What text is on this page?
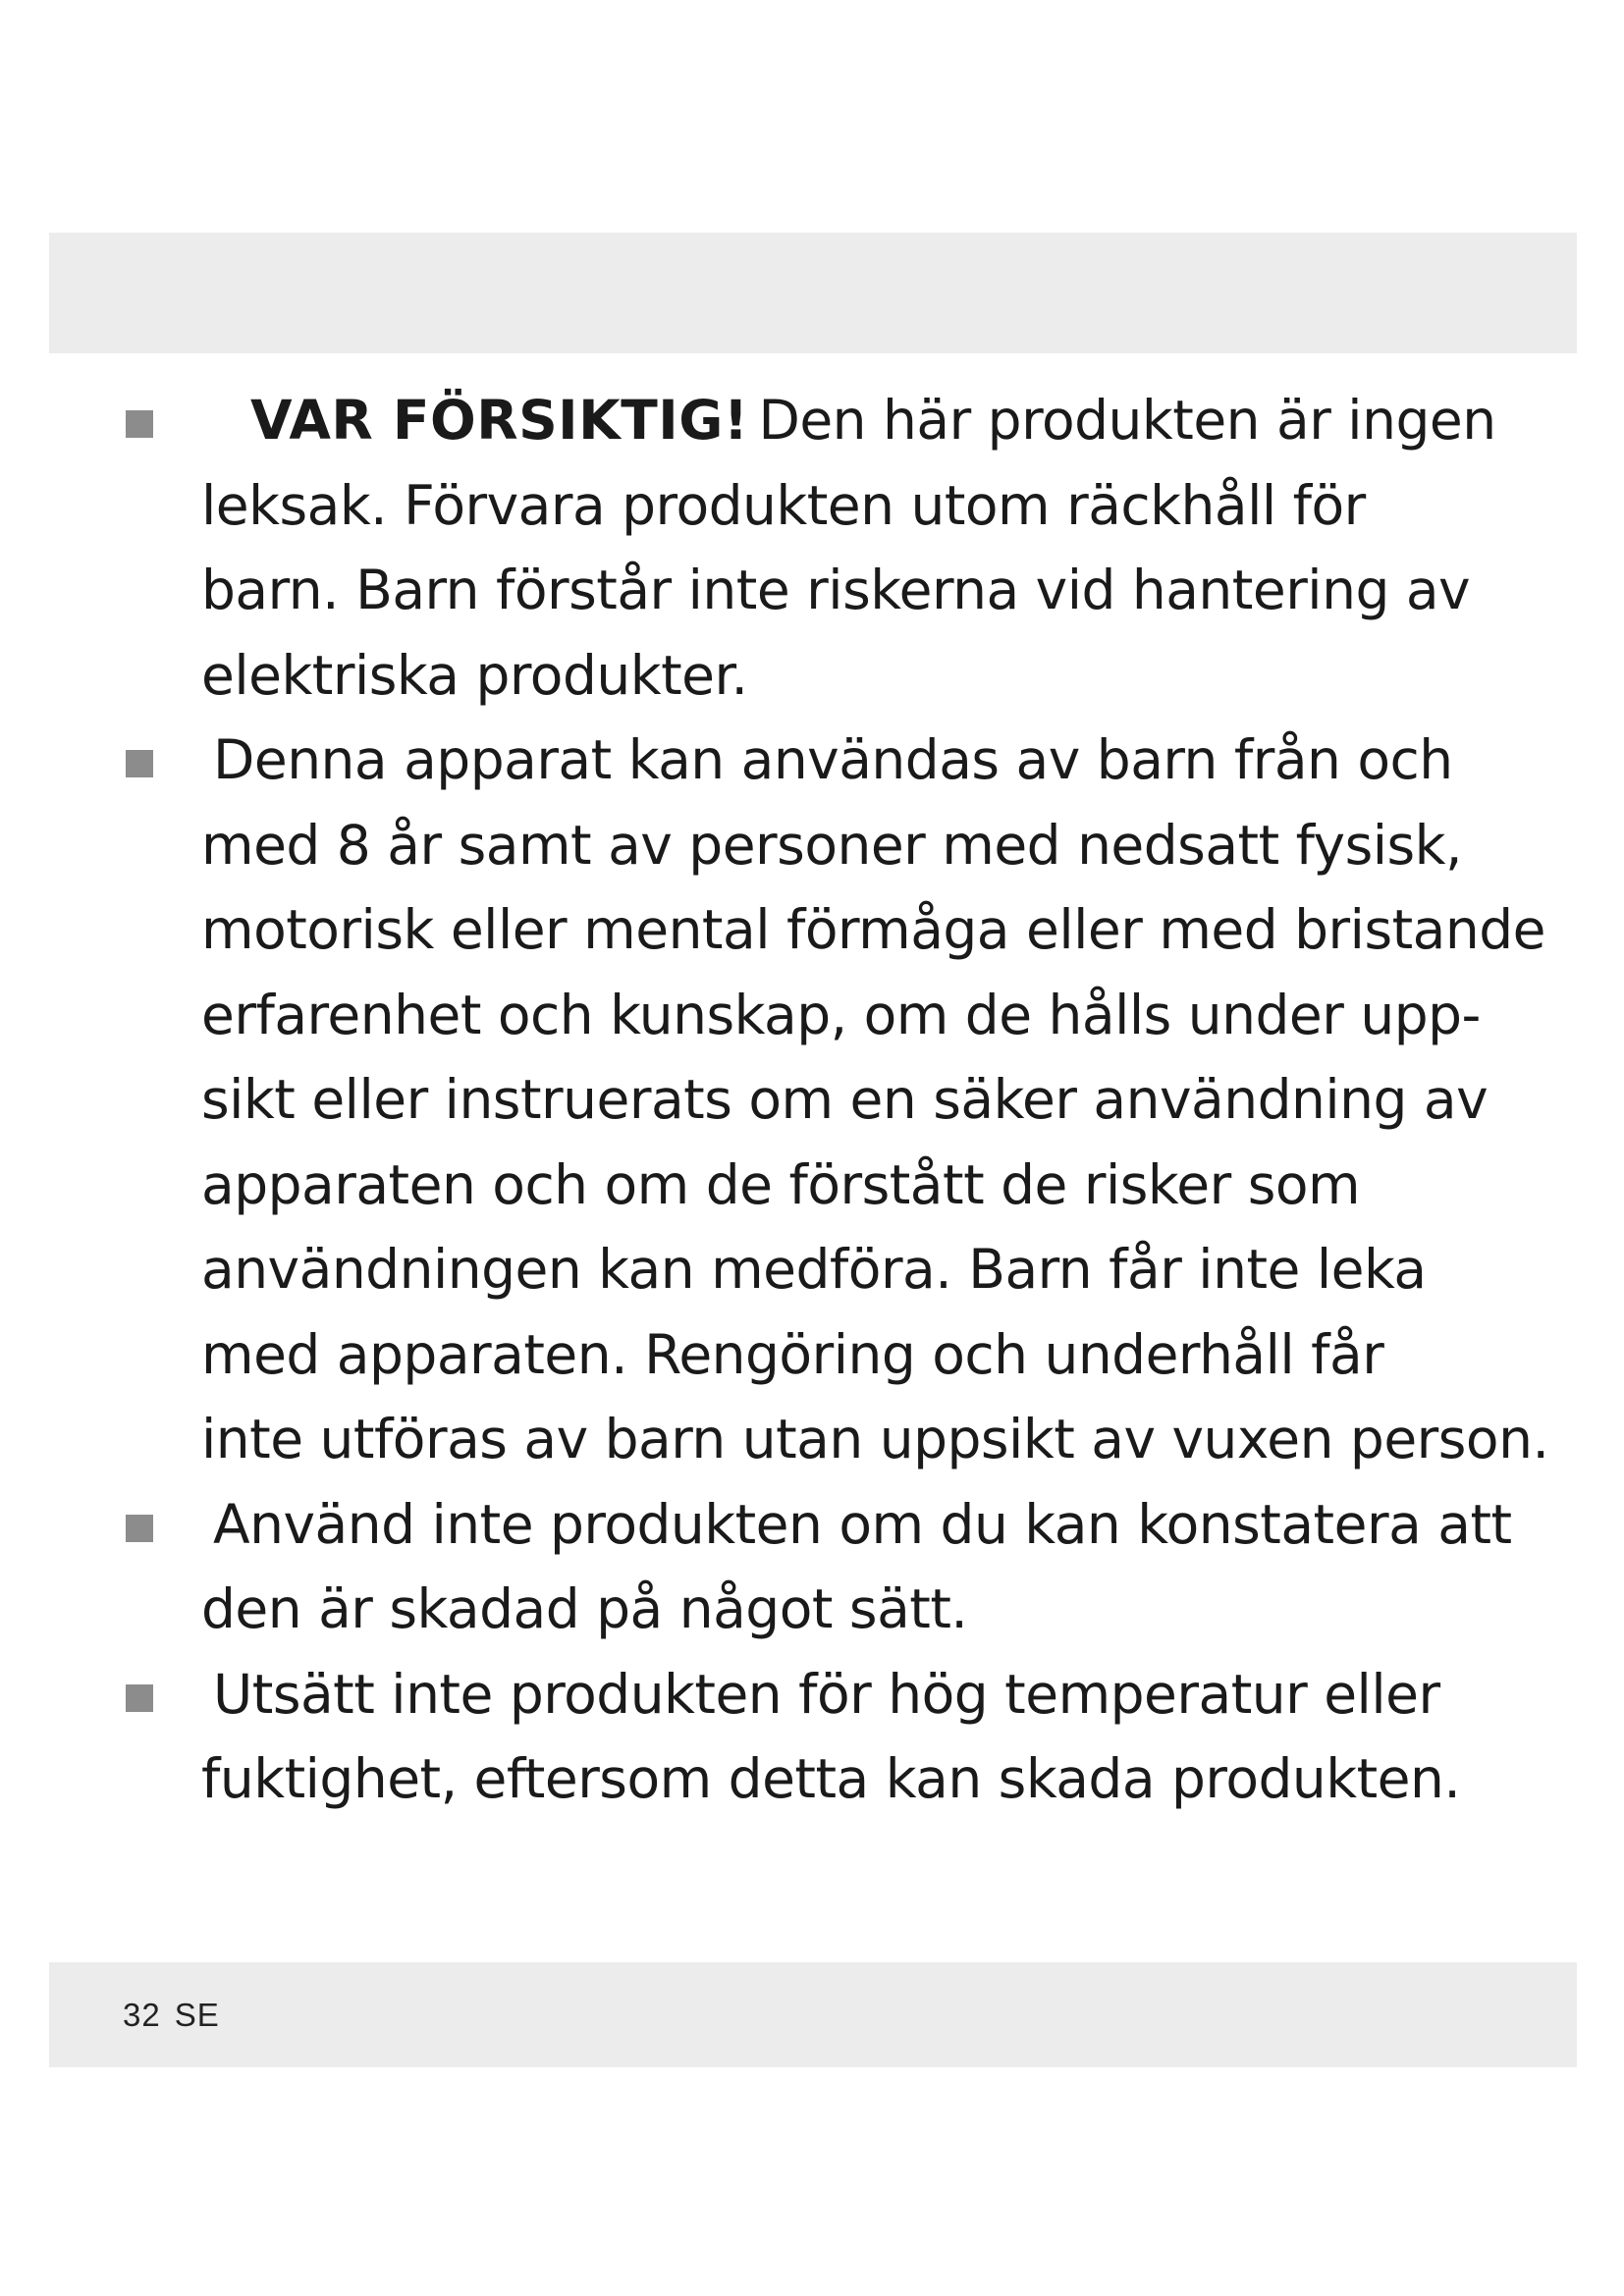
VAR FÖRSIKTIG! Den här produkten är ingen
leksak. Förvara produkten utom räckhåll för
barn. Barn förstår inte riskerna vid hantering av
elektriska produkter.
Denna apparat kan användas av barn från och
med 8 år samt av personer med nedsatt fysisk,
motorisk eller mental förmåga eller med bristande
erfarenhet och kunskap, om de hålls under upp-
sikt eller instruerats om en säker användning av
apparaten och om de förstått de risker som
användningen kan medföra. Barn får inte leka
med apparaten. Rengöring och underhåll får
inte utföras av barn utan uppsikt av vuxen person.
Använd inte produkten om du kan konstatera att
den är skadad på något sätt.
Utsätt inte produkten för hög temperatur eller
fuktighet, eftersom detta kan skada produkten.
32 SE
